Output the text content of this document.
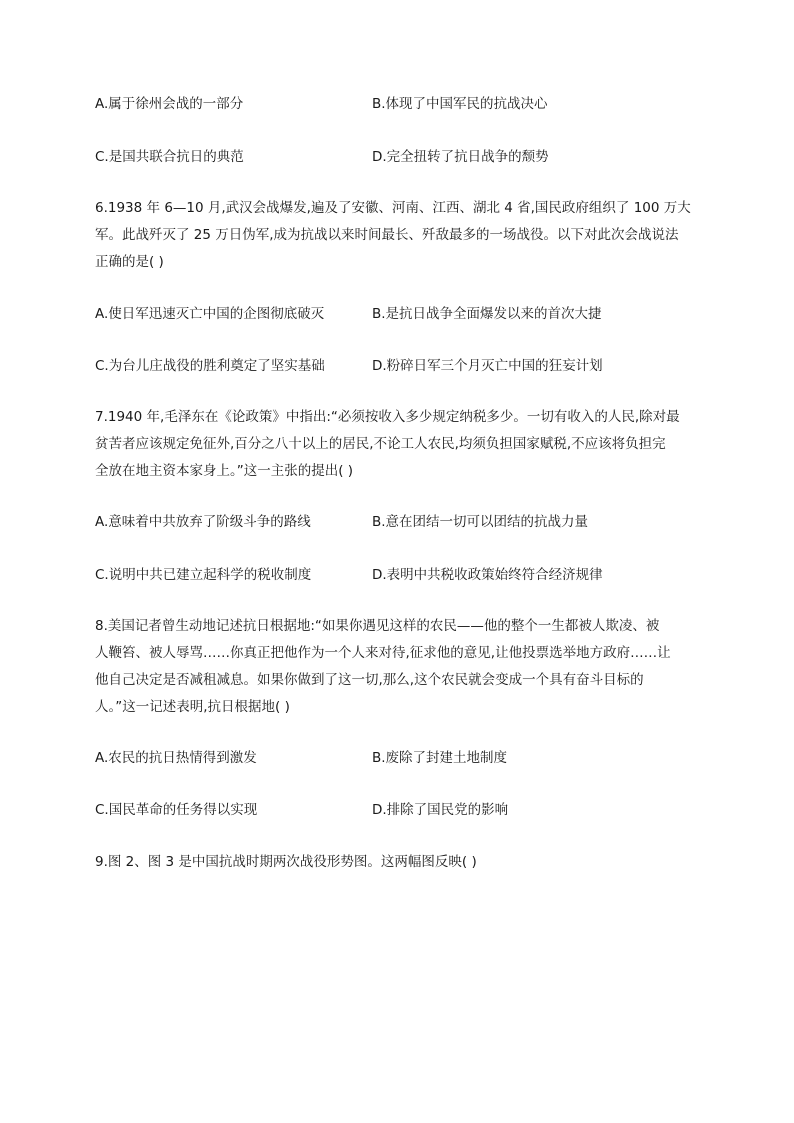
A.属于徐州会战的一部分	B.体现了中国军民的抗战决心
C.是国共联合抗日的典范	D.完全扭转了抗日战争的颓势

6.1938 年 6—10 月,武汉会战爆发,遍及了安徽、河南、江西、湖北 4 省,国民政府组织了 100 万大

军。此战歼灭了 25 万日伪军,成为抗战以来时间最长、歼敌最多的一场战役。以下对此次会战说法

正确的是( )

A.使日军迅速灭亡中国的企图彻底破灭	B.是抗日战争全面爆发以来的首次大捷
C.为台儿庄战役的胜利奠定了坚实基础	D.粉碎日军三个月灭亡中国的狂妄计划

7.1940 年,毛泽东在《论政策》中指出:“必须按收入多少规定纳税多少。一切有收入的人民,除对最

贫苦者应该规定免征外,百分之八十以上的居民,不论工人农民,均须负担国家赋税,不应该将负担完

全放在地主资本家身上。”这一主张的提出( )

A.意味着中共放弃了阶级斗争的路线	B.意在团结一切可以团结的抗战力量
C.说明中共已建立起科学的税收制度	D.表明中共税收政策始终符合经济规律

8.美国记者曾生动地记述抗日根据地:“如果你遇见这样的农民——他的整个一生都被人欺凌、被

人鞭笞、被人辱骂……你真正把他作为一个人来对待,征求他的意见,让他投票选举地方政府……让

他自己决定是否减租减息。如果你做到了这一切,那么,这个农民就会变成一个具有奋斗目标的

人。”这一记述表明,抗日根据地( )

A.农民的抗日热情得到激发	B.废除了封建土地制度
C.国民革命的任务得以实现	D.排除了国民党的影响

9.图 2、图 3 是中国抗战时期两次战役形势图。这两幅图反映( )
